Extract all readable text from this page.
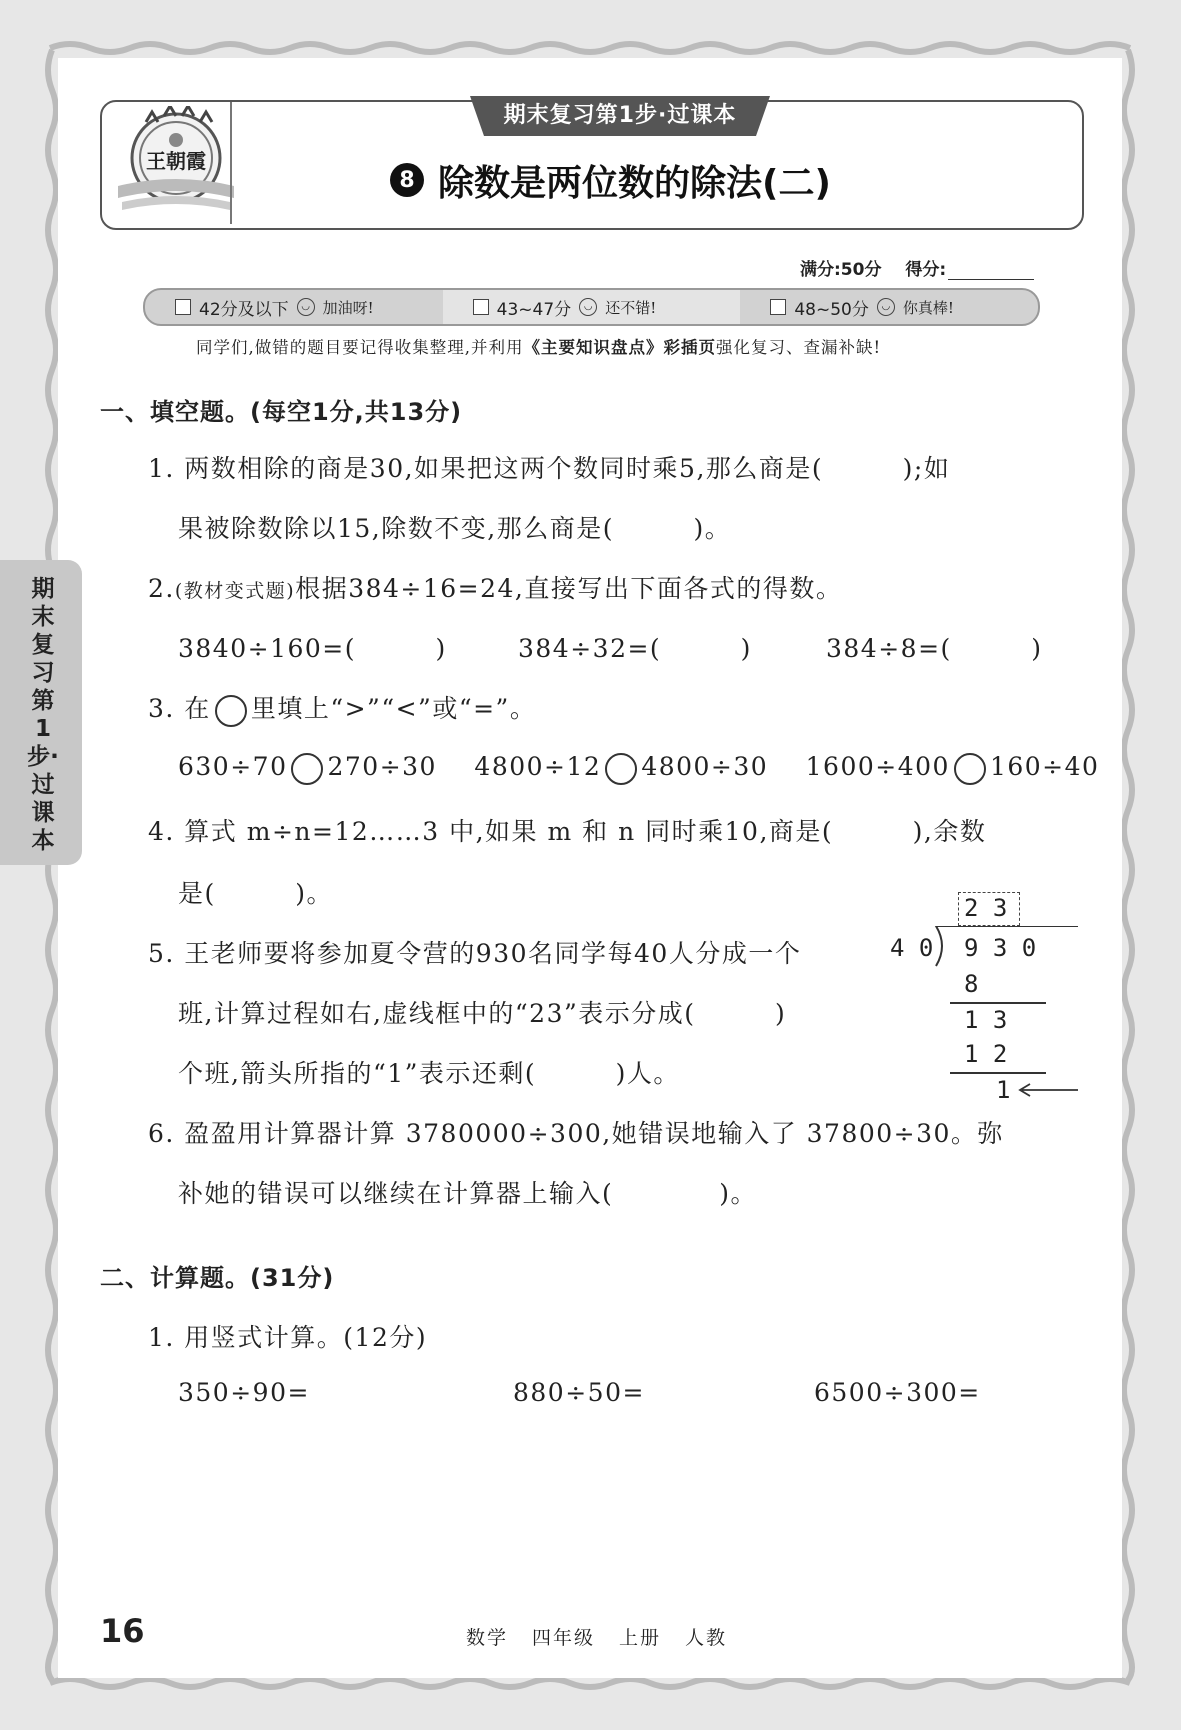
王朝霞
期末复习第1步·过课本
8 除数是两位数的除法(二)
满分:50分 得分:
42分及以下	◡ 加油呀!	43~47分	◡ 还不错!	48~50分	◡ 你真棒!
同学们,做错的题目要记得收集整理,并利用《主要知识盘点》彩插页强化复习、查漏补缺!
期末复习第1步·过课本
一、填空题。(每空1分,共13分)
1. 两数相除的商是30,如果把这两个数同时乘5,那么商是(　　　);如
果被除数除以15,除数不变,那么商是(　　　)。
2.(教材变式题)根据384÷16=24,直接写出下面各式的得数。
3840÷160=(　　　)	384÷32=(　　　)	384÷8=(　　　)
3. 在 里填上“>”“<”或“=”。
630÷70 270÷30 4800÷12 4800÷30 1600÷400 160÷40
4. 算式 m÷n=12……3 中,如果 m 和 n 同时乘10,商是(　　　),余数
是(　　　)。
5. 王老师要将参加夏令营的930名同学每40人分成一个
班,计算过程如右,虚线框中的“23”表示分成(　　　)
个班,箭头所指的“1”表示还剩(　　　)人。
2 3
4 0 9 3 0
8
1 3
1 2
1
6. 盈盈用计算器计算 3780000÷300,她错误地输入了 37800÷30。弥
补她的错误可以继续在计算器上输入(　　　　)。
二、计算题。(31分)
1. 用竖式计算。(12分)
350÷90=	880÷50=	6500÷300=
16	数学 四年级 上册 人教
